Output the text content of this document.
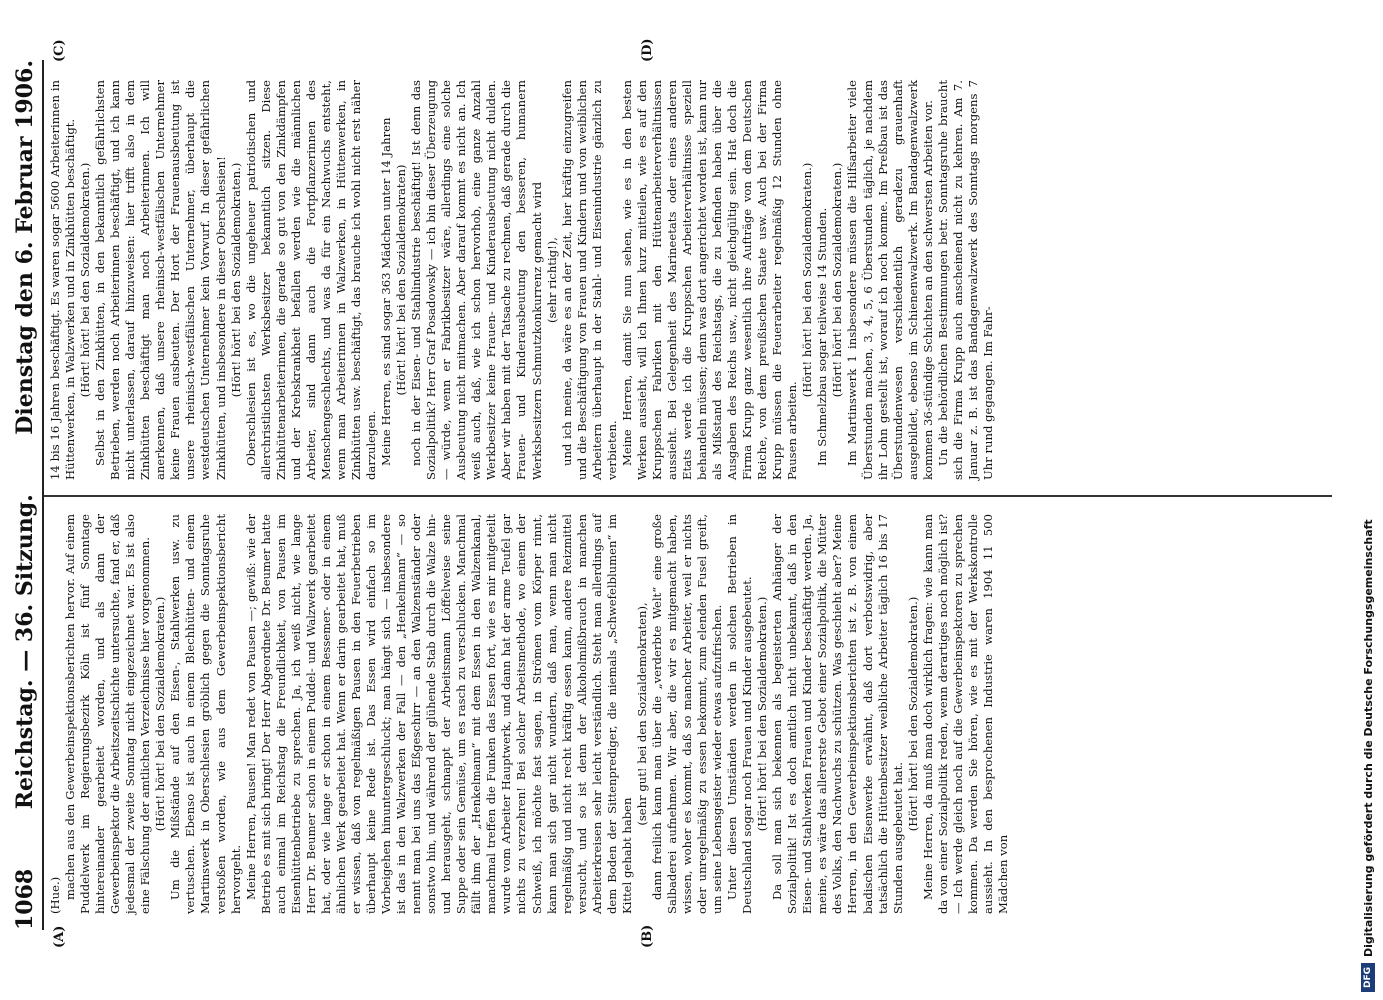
1068
Reichstag. — 36. Sitzung.
Dienstag den 6. Februar 1906.
(A)	(B)
(C)	(D)

(Hue.) machen aus den Gewerbeinspektionsberichten hervor. Auf einem Puddelwerk im Regierungsbezirk Köln ist fünf Sonntage hintereinander gearbeitet worden, und als dann der Gewerbeinspektor die Arbeitszeitschichte untersuchte, fand er, daß jedesmal der zweite Sonntag nicht eingezeichnet war. Es ist also eine Fälschung der amtlichen Verzeichnisse hier vorgenommen. (Hört! hört! bei den Sozialdemokraten.) Um die Mißstände auf den Eisen-, Stahlwerken usw. zu vertuschen. Ebenso ist auch in einem Blechhütten- und einem Martinswerk in Oberschlesien gröblich gegen die Sonntagsruhe verstoßen worden, wie aus dem Gewerbeinspektionsbericht hervorgeht. Meine Herren, Pausen! Man redet von Pausen —; gewiß: wie der Betrieb es mit sich bringt! Der Herr Abgeordnete Dr. Beumer hatte auch einmal im Reichstag die Freundlichkeit, von Pausen im Eisenhüttenbetriebe zu sprechen. Ja, ich weiß nicht, wie lange Herr Dr. Beumer schon in einem Puddel- und Walzwerk gearbeitet hat, oder wie lange er schon in einem Bessemer- oder in einem ähnlichen Werk gearbeitet hat. Wenn er darin gearbeitet hat, muß er wissen, daß von regelmäßigen Pausen in den Feuerbetrieben überhaupt keine Rede ist. Das Essen wird einfach so im Vorbeigehen hinuntergeschluckt; man hängt sich — insbesondere ist das in den Walzwerken der Fall — den „Henkelmann“ — so nennt man bei uns das Eßgeschirr — an den Walzenständer oder sonstwo hin, und während der glühende Stab durch die Walze hin- und herausgeht, schnappt der Arbeitsmann Löffelweise seine Suppe oder sein Gemüse, um es rasch zu verschlucken. Manchmal fällt ihm der „Henkelmann“ mit dem Essen in den Walzenkanal, manchmal treffen die Funken das Essen fort, wie es mir mitgeteilt wurde vom Arbeiter Hauptwerk, und dann hat der arme Teufel gar nichts zu verzehren! Bei solcher Arbeitsmethode, wo einem der Schweiß, ich möchte fast sagen, in Strömen vom Körper rinnt, kann man sich gar nicht wundern, daß man, wenn man nicht regelmäßig und nicht recht kräftig essen kann, andere Reizmittel versucht, und so ist denn der Alkoholmißbrauch in manchen Arbeiterkreisen sehr leicht verständlich. Steht man allerdings auf dem Boden der Sittenprediger, die niemals „Schwefelblumen“ im Kittel gehabt haben

(sehr gut! bei den Sozialdemokraten), dann freilich kann man über die „verderbte Welt“ eine große Salbaderei aufnehmen. Wir aber, die wir es mitgemacht haben, wissen, woher es kommt, daß so mancher Arbeiter, weil er nichts oder unregelmäßig zu essen bekommt, zum elenden Fusel greift, um seine Lebensgeister wieder etwas aufzufrischen. Unter diesen Umständen werden in solchen Betrieben in Deutschland sogar noch Frauen und Kinder ausgebeutet. (Hört! hört! bei den Sozialdemokraten.) Da soll man sich bekennen als begeisterten Anhänger der Sozialpolitik! Ist es doch amtlich nicht unbekannt, daß in den Eisen- und Stahlwerken Frauen und Kinder beschäftigt werden. Ja, meine, es wäre das allererste Gebot einer Sozialpolitik, die Mütter des Volks, den Nachwuchs zu schützen. Was geschieht aber? Meine Herren, in den Gewerbeinspektionsberichten ist z. B. von einem badischen Eisenwerke erwähnt, daß dort verbotswidrig, aber tatsächlich die Hüttenbesitzer weibliche Arbeiter täglich 16 bis 17 Stunden ausgebeutet hat.

(Hört! hört! bei den Sozialdemokraten.) Meine Herren, da muß man doch wirklich fragen: wie kann man da von einer Sozialpolitik reden, wenn derartiges noch möglich ist? — Ich werde gleich noch auf die Gewerbeinspektoren zu sprechen kommen. Da werden Sie hören, wie es mit der Werkskontrolle aussieht. In den besprochenen Industrie waren 1904 11 500 Mädchen von

14 bis 16 Jahren beschäftigt. Es waren sogar 5600 Arbeiterinnen in Hüttenwerken, in Walzwerken und in Zinkhütten beschäftigt. (Hört! hört! bei den Sozialdemokraten.) Selbst in den Zinkhütten, in den bekanntlich gefährlichsten Betrieben, werden noch Arbeiterinnen beschäftigt, und ich kann nicht unterlassen, darauf hinzuweisen: hier trifft also in dem Zinkhütten beschäftigt man noch Arbeiterinnen. Ich will anerkennen, daß unsere rheinisch-westfälischen Unternehmer keine Frauen ausbeuten. Der Hort der Frauenausbeutung ist unsere rheinisch-westfälischen Unternehmer, überhaupt die westdeutschen Unternehmer kein Vorwurf. In dieser gefährlichen Zinkhütten, und insbesondere in dieser Oberschlesien! (Hört! hört! bei den Sozialdemokraten.) Oberschlesien ist es, wo die ungeheuer patriotischen und allerchristlichsten Werksbesitzer bekanntlich sitzen. Diese Zinkhüttenarbeiterinnen, die gerade so gut von den Zinkdämpfen und der Krebskrankheit befallen werden wie die männlichen Arbeiter, sind dann auch die Fortpflanzerinnen des Menschengeschlechts, und was da für ein Nachwuchs entsteht, wenn man Arbeiterinnen in Walzwerken, in Hüttenwerken, in Zinkhütten usw. beschäftigt, das brauche ich wohl nicht erst näher darzulegen. Meine Herren, es sind sogar 363 Mädchen unter 14 Jahren (Hört! hört! bei den Sozialdemokraten) noch in der Eisen- und Stahlindustrie beschäftigt! Ist denn das Sozialpolitik? Herr Graf Posadowsky — ich bin dieser Überzeugung — würde, wenn er Fabrikbesitzer wäre, allerdings eine solche Ausbeutung nicht mitmachen. Aber darauf kommt es nicht an. Ich weiß auch, daß, wie ich schon hervorhob, eine ganze Anzahl Werkbesitzer keine Frauen- und Kinderausbeutung nicht dulden. Aber wir haben mit der Tatsache zu rechnen, daß gerade durch die Frauen- und Kinderausbeutung den besseren, humanern Werksbesitzern Schmutzkonkurrenz gemacht wird (sehr richtig!), und ich meine, da wäre es an der Zeit, hier kräftig einzugreifen und die Beschäftigung von Frauen und Kindern und von weiblichen Arbeitern überhaupt in der Stahl- und Eisenindustrie gänzlich zu verbieten. Meine Herren, damit Sie nun sehen, wie es in den besten Werken aussieht, will ich Ihnen kurz mitteilen, wie es auf den Kruppschen Fabriken mit den Hüttenarbeiterverhältnissen aussieht. Bei Gelegenheit des Marineetats oder eines anderen Etats werde ich die Kruppschen Arbeiterverhältnisse speziell behandeln müssen; denn was dort angerichtet worden ist, kann nur als Mißstand des Reichstags, die zu befinden haben über die Ausgaben des Reichs usw., nicht gleichgültig sein. Hat doch die Firma Krupp ganz wesentlich ihre Aufträge von dem Deutschen Reiche, von dem preußischen Staate usw. Auch bei der Firma Krupp müssen die Feuerarbeiter regelmäßig 12 Stunden ohne Pausen arbeiten.

(Hört! hört! bei den Sozialdemokraten.) Im Schmelzbau sogar teilweise 14 Stunden. (Hört! hört! bei den Sozialdemokraten.) Im Martinswerk 1 insbesondere müssen die Hilfsarbeiter viele Überstunden machen, 3, 4, 5, 6 Überstunden täglich, je nachdem ihr Lohn gestellt ist, worauf ich noch komme. Im Preßbau ist das Überstundenwesen verschiedentlich geradezu grauenhaft ausgebildet, ebenso im Schienenwalzwerk. Im Bandagenwalzwerk kommen 36-stündige Schichten an den schwersten Arbeiten vor. Un die behördlichen Bestimmungen betr. Sonntagsruhe braucht sich die Firma Krupp auch anscheinend nicht zu kehren. Am 7. Januar z. B. ist das Bandagenwalzwerk des Sonntags morgens 7 Uhr rund gegangen. Im Fahr-

DFG
Digitalisierung gefördert durch die Deutsche Forschungsgemeinschaft
